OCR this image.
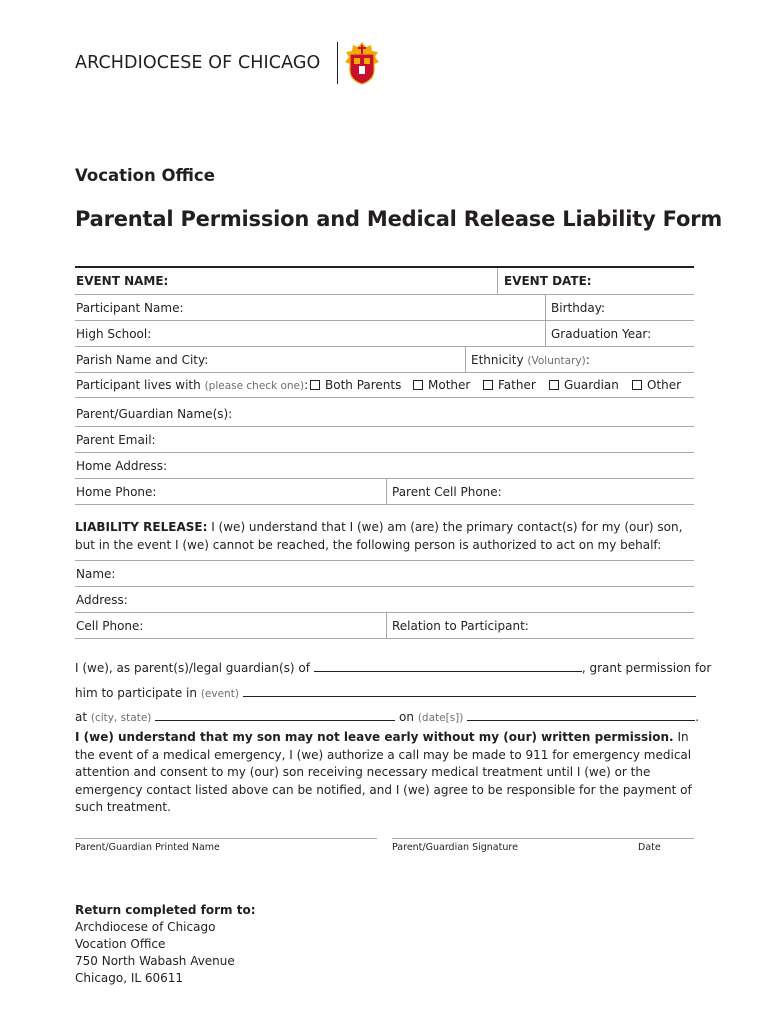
ARCHDIOCESE OF CHICAGO
Vocation Office
Parental Permission and Medical Release Liability Form
EVENT NAME:	EVENT DATE:
Participant Name:	Birthday:
High School:	Graduation Year:
Parish Name and City:	Ethnicity (Voluntary):
Participant lives with (please check one):	Both Parents	Mother	Father	Guardian	Other
Parent/Guardian Name(s):
Parent Email:
Home Address:
Home Phone:	Parent Cell Phone:
LIABILITY RELEASE: I (we) understand that I (we) am (are) the primary contact(s) for my (our) son, but in the event I (we) cannot be reached, the following person is authorized to act on my behalf:
Name:
Address:
Cell Phone:	Relation to Participant:
I (we), as parent(s)/legal guardian(s) of	, grant permission for
him to participate in (event)
at (city, state)	on (date[s])	.
I (we) understand that my son may not leave early without my (our) written permission. In the event of a medical emergency, I (we) authorize a call may be made to 911 for emergency medical attention and consent to my (our) son receiving necessary medical treatment until I (we) or the emergency contact listed above can be notified, and I (we) agree to be responsible for the payment of such treatment.
Parent/Guardian Printed Name	Parent/Guardian Signature	Date
Return completed form to:
Archdiocese of Chicago
Vocation Office
750 North Wabash Avenue
Chicago, IL 60611
